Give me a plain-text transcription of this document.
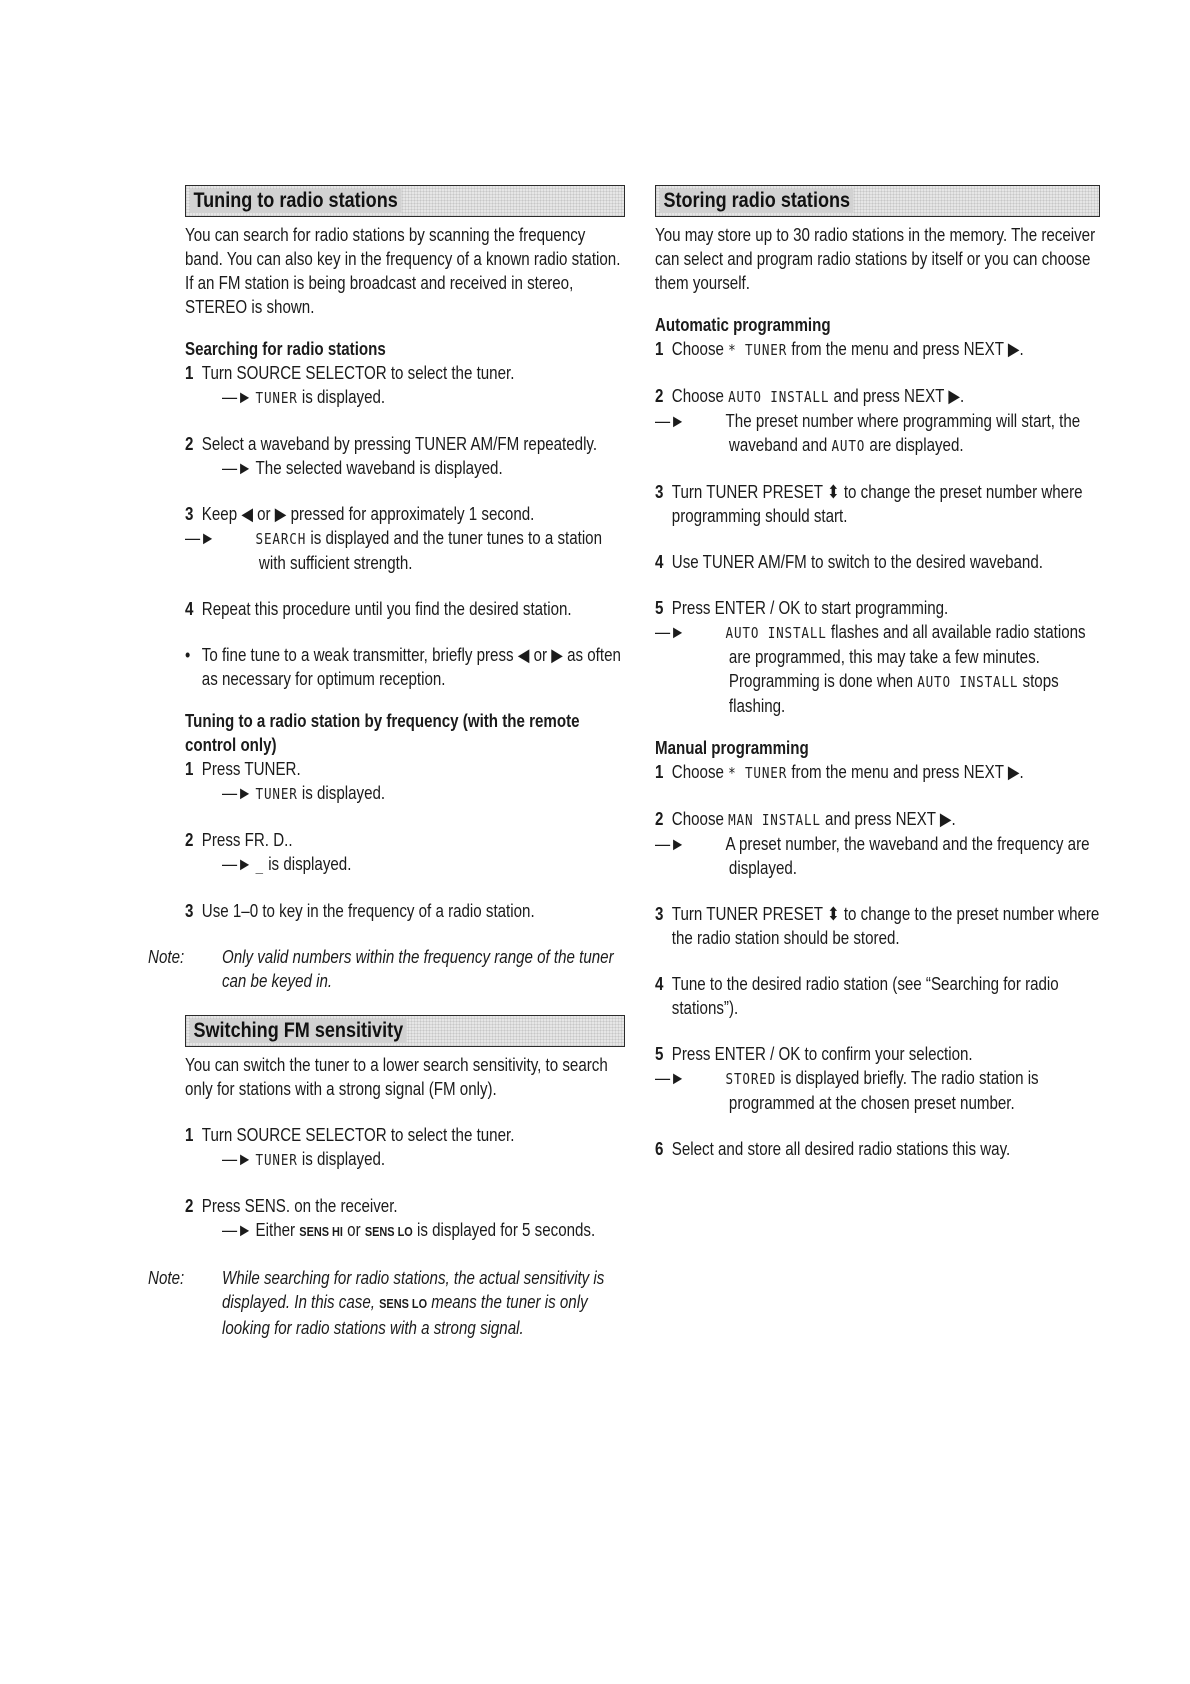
Tuning to radio stations
You can search for radio stations by scanning the frequency band. You can also key in the frequency of a known radio station. If an FM station is being broadcast and received in stereo, STEREO is shown.
Searching for radio stations
1 Turn SOURCE SELECTOR to select the tuner.
—► TUNER is displayed.
2 Select a waveband by pressing TUNER AM/FM repeatedly.
—► The selected waveband is displayed.
3 Keep ◀ or ▶ pressed for approximately 1 second.
—►	SEARCH is displayed and the tuner tunes to a station with sufficient strength.
4 Repeat this procedure until you find the desired station.
• To fine tune to a weak transmitter, briefly press ◀ or ▶ as often as necessary for optimum reception.
Tuning to a radio station by frequency (with the remote control only)
1 Press TUNER.
—► TUNER is displayed.
2 Press FR. D..
—► _ is displayed.
3 Use 1–0 to key in the frequency of a radio station.
Note: Only valid numbers within the frequency range of the tuner can be keyed in.
Switching FM sensitivity
You can switch the tuner to a lower search sensitivity, to search only for stations with a strong signal (FM only).
1 Turn SOURCE SELECTOR to select the tuner.
—► TUNER is displayed.
2 Press SENS. on the receiver.
—► Either SENS HI or SENS LO is displayed for 5 seconds.
Note: While searching for radio stations, the actual sensitivity is displayed. In this case, SENS LO means the tuner is only looking for radio stations with a strong signal.
Storing radio stations
You may store up to 30 radio stations in the memory. The receiver can select and program radio stations by itself or you can choose them yourself.
Automatic programming
1 Choose * TUNER from the menu and press NEXT ▶.
2 Choose AUTO INSTALL and press NEXT ▶.
—► The preset number where programming will start, the waveband and AUTO are displayed.
3 Turn TUNER PRESET ⬍ to change the preset number where programming should start.
4 Use TUNER AM/FM to switch to the desired waveband.
5 Press ENTER / OK to start programming.
—►	AUTO INSTALL flashes and all available radio stations are programmed, this may take a few minutes. Programming is done when AUTO INSTALL stops flashing.
Manual programming
1 Choose * TUNER from the menu and press NEXT ▶.
2 Choose MAN INSTALL and press NEXT ▶.
—► A preset number, the waveband and the frequency are displayed.
3 Turn TUNER PRESET ⬍ to change to the preset number where the radio station should be stored.
4 Tune to the desired radio station (see “Searching for radio stations”).
5 Press ENTER / OK to confirm your selection.
—►	STORED is displayed briefly. The radio station is programmed at the chosen preset number.
6 Select and store all desired radio stations this way.
